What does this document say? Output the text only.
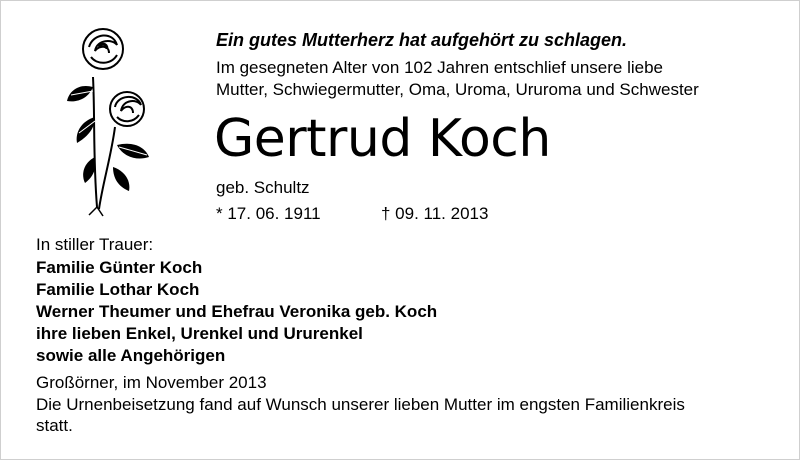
Ein gutes Mutterherz hat aufgehört zu schlagen.
Im gesegneten Alter von 102 Jahren entschlief unsere liebe
Mutter, Schwiegermutter, Oma, Uroma, Ururoma und Schwester
Gertrud Koch
geb. Schultz
* 17. 06. 1911	† 09. 11. 2013
In stiller Trauer:
Familie Günter Koch
Familie Lothar Koch
Werner Theumer und Ehefrau Veronika geb. Koch
ihre lieben Enkel, Urenkel und Ururenkel
sowie alle Angehörigen
Großörner, im November 2013
Die Urnenbeisetzung fand auf Wunsch unserer lieben Mutter im engsten Familienkreis
statt.
